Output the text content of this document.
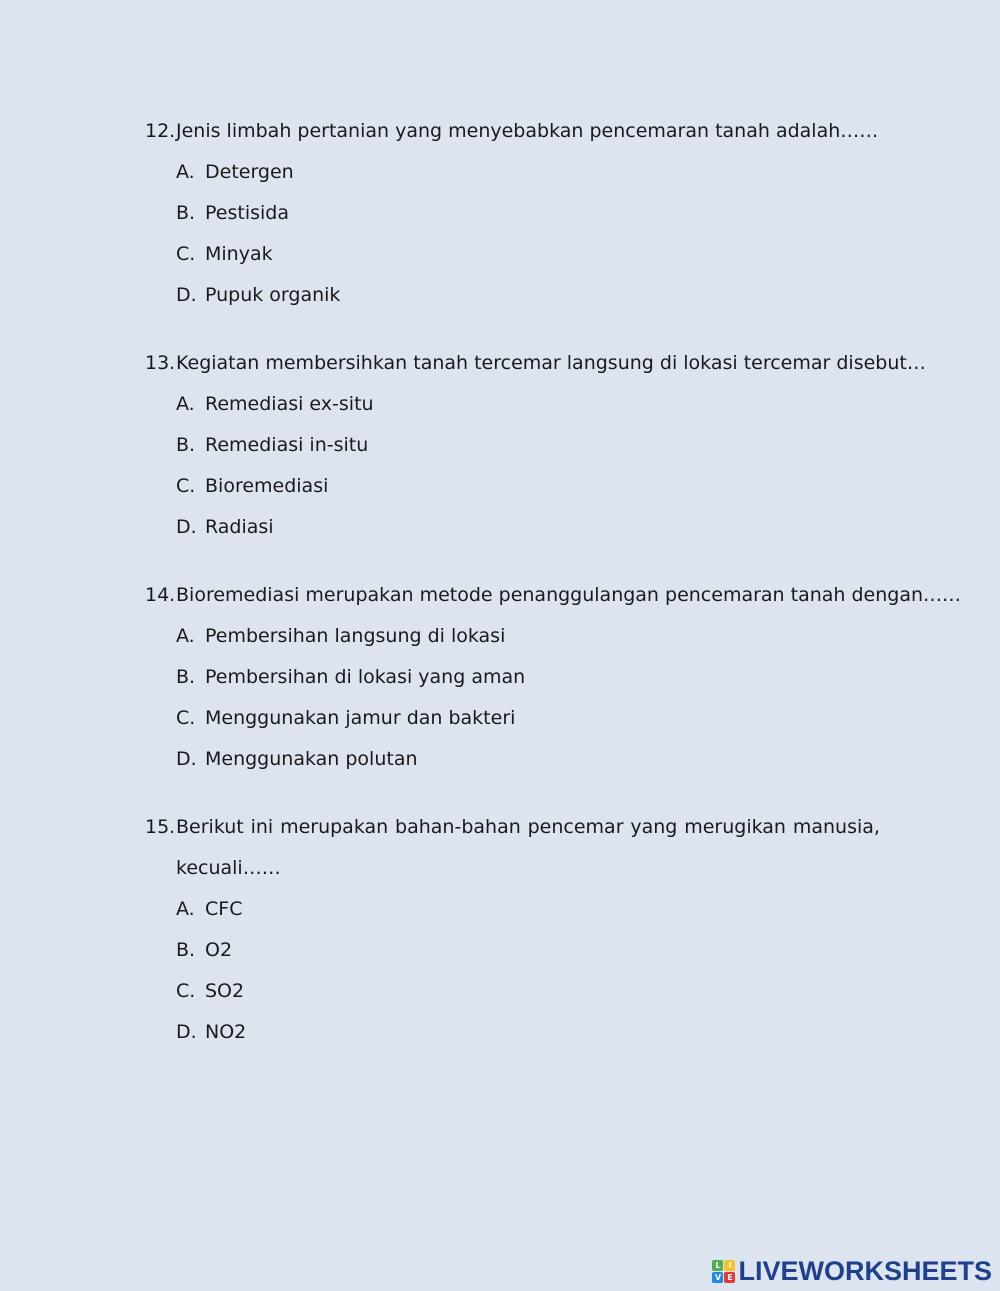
12. Jenis limbah pertanian yang menyebabkan pencemaran tanah adalah……
A. Detergen
B. Pestisida
C. Minyak
D. Pupuk organik
13. Kegiatan membersihkan tanah tercemar langsung di lokasi tercemar disebut…
A. Remediasi ex-situ
B. Remediasi in-situ
C. Bioremediasi
D. Radiasi
14. Bioremediasi merupakan metode penanggulangan pencemaran tanah dengan……
A. Pembersihan langsung di lokasi
B. Pembersihan di lokasi yang aman
C. Menggunakan jamur dan bakteri
D. Menggunakan polutan
15. Berikut ini merupakan bahan-bahan pencemar yang merugikan manusia,
kecuali……
A. CFC
B. O2
C. SO2
D. NO2
L I
V E LIVEWORKSHEETS
